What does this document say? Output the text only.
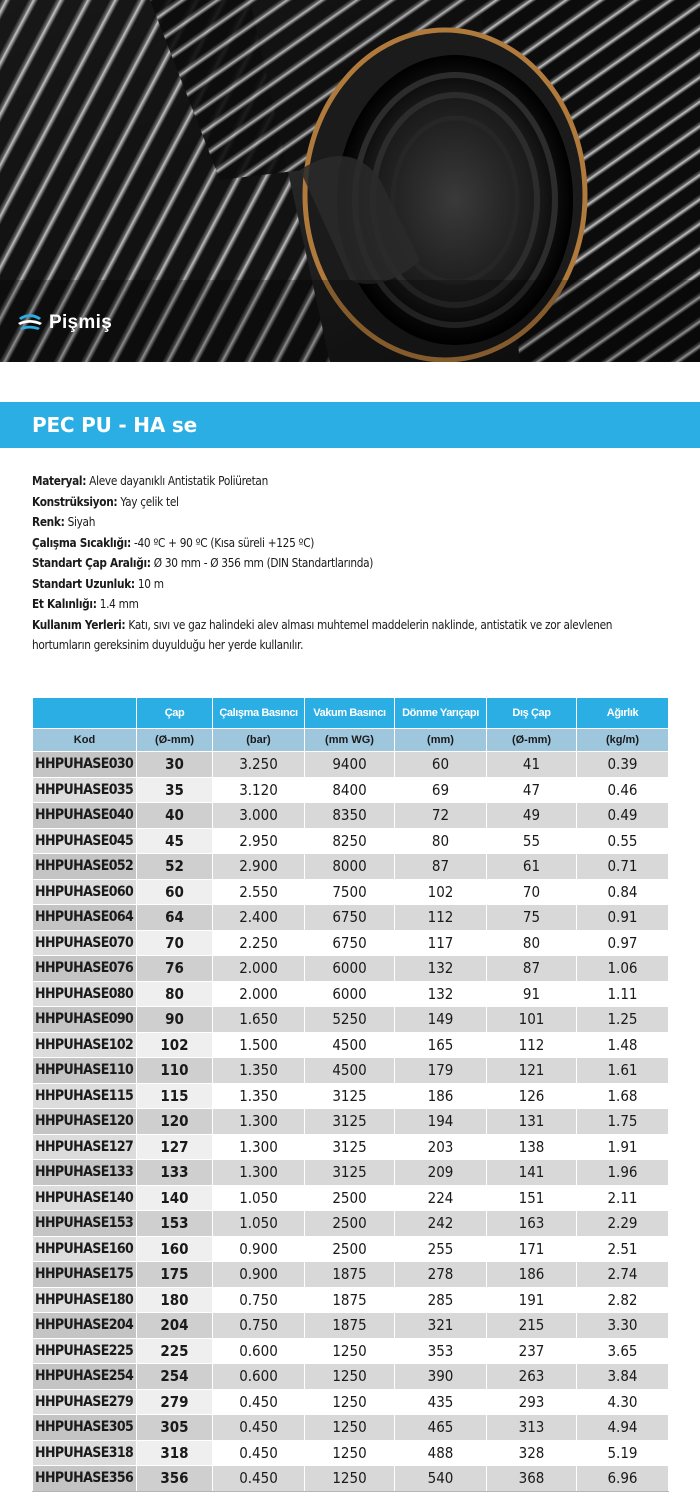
Pişmiş
PEC PU - HA se
Materyal: Aleve dayanıklı Antistatik Poliüretan
Konstrüksiyon: Yay çelik tel
Renk: Siyah
Çalışma Sıcaklığı: -40 ºC + 90 ºC (Kısa süreli +125 ºC)
Standart Çap Aralığı: Ø 30 mm - Ø 356 mm (DIN Standartlarında)
Standart Uzunluk: 10 m
Et Kalınlığı: 1.4 mm
Kullanım Yerleri: Katı, sıvı ve gaz halindeki alev alması muhtemel maddelerin naklinde, antistatik ve zor alevlenen hortumların gereksinim duyulduğu her yerde kullanılır.
	Çap	Çalışma Basıncı	Vakum Basıncı	Dönme Yarıçapı	Dış Çap	Ağırlık
Kod	(Ø-mm)	(bar)	(mm WG)	(mm)	(Ø-mm)	(kg/m)
HHPUHASE030	30	3.250	9400	60	41	0.39
HHPUHASE035	35	3.120	8400	69	47	0.46
HHPUHASE040	40	3.000	8350	72	49	0.49
HHPUHASE045	45	2.950	8250	80	55	0.55
HHPUHASE052	52	2.900	8000	87	61	0.71
HHPUHASE060	60	2.550	7500	102	70	0.84
HHPUHASE064	64	2.400	6750	112	75	0.91
HHPUHASE070	70	2.250	6750	117	80	0.97
HHPUHASE076	76	2.000	6000	132	87	1.06
HHPUHASE080	80	2.000	6000	132	91	1.11
HHPUHASE090	90	1.650	5250	149	101	1.25
HHPUHASE102	102	1.500	4500	165	112	1.48
HHPUHASE110	110	1.350	4500	179	121	1.61
HHPUHASE115	115	1.350	3125	186	126	1.68
HHPUHASE120	120	1.300	3125	194	131	1.75
HHPUHASE127	127	1.300	3125	203	138	1.91
HHPUHASE133	133	1.300	3125	209	141	1.96
HHPUHASE140	140	1.050	2500	224	151	2.11
HHPUHASE153	153	1.050	2500	242	163	2.29
HHPUHASE160	160	0.900	2500	255	171	2.51
HHPUHASE175	175	0.900	1875	278	186	2.74
HHPUHASE180	180	0.750	1875	285	191	2.82
HHPUHASE204	204	0.750	1875	321	215	3.30
HHPUHASE225	225	0.600	1250	353	237	3.65
HHPUHASE254	254	0.600	1250	390	263	3.84
HHPUHASE279	279	0.450	1250	435	293	4.30
HHPUHASE305	305	0.450	1250	465	313	4.94
HHPUHASE318	318	0.450	1250	488	328	5.19
HHPUHASE356	356	0.450	1250	540	368	6.96
